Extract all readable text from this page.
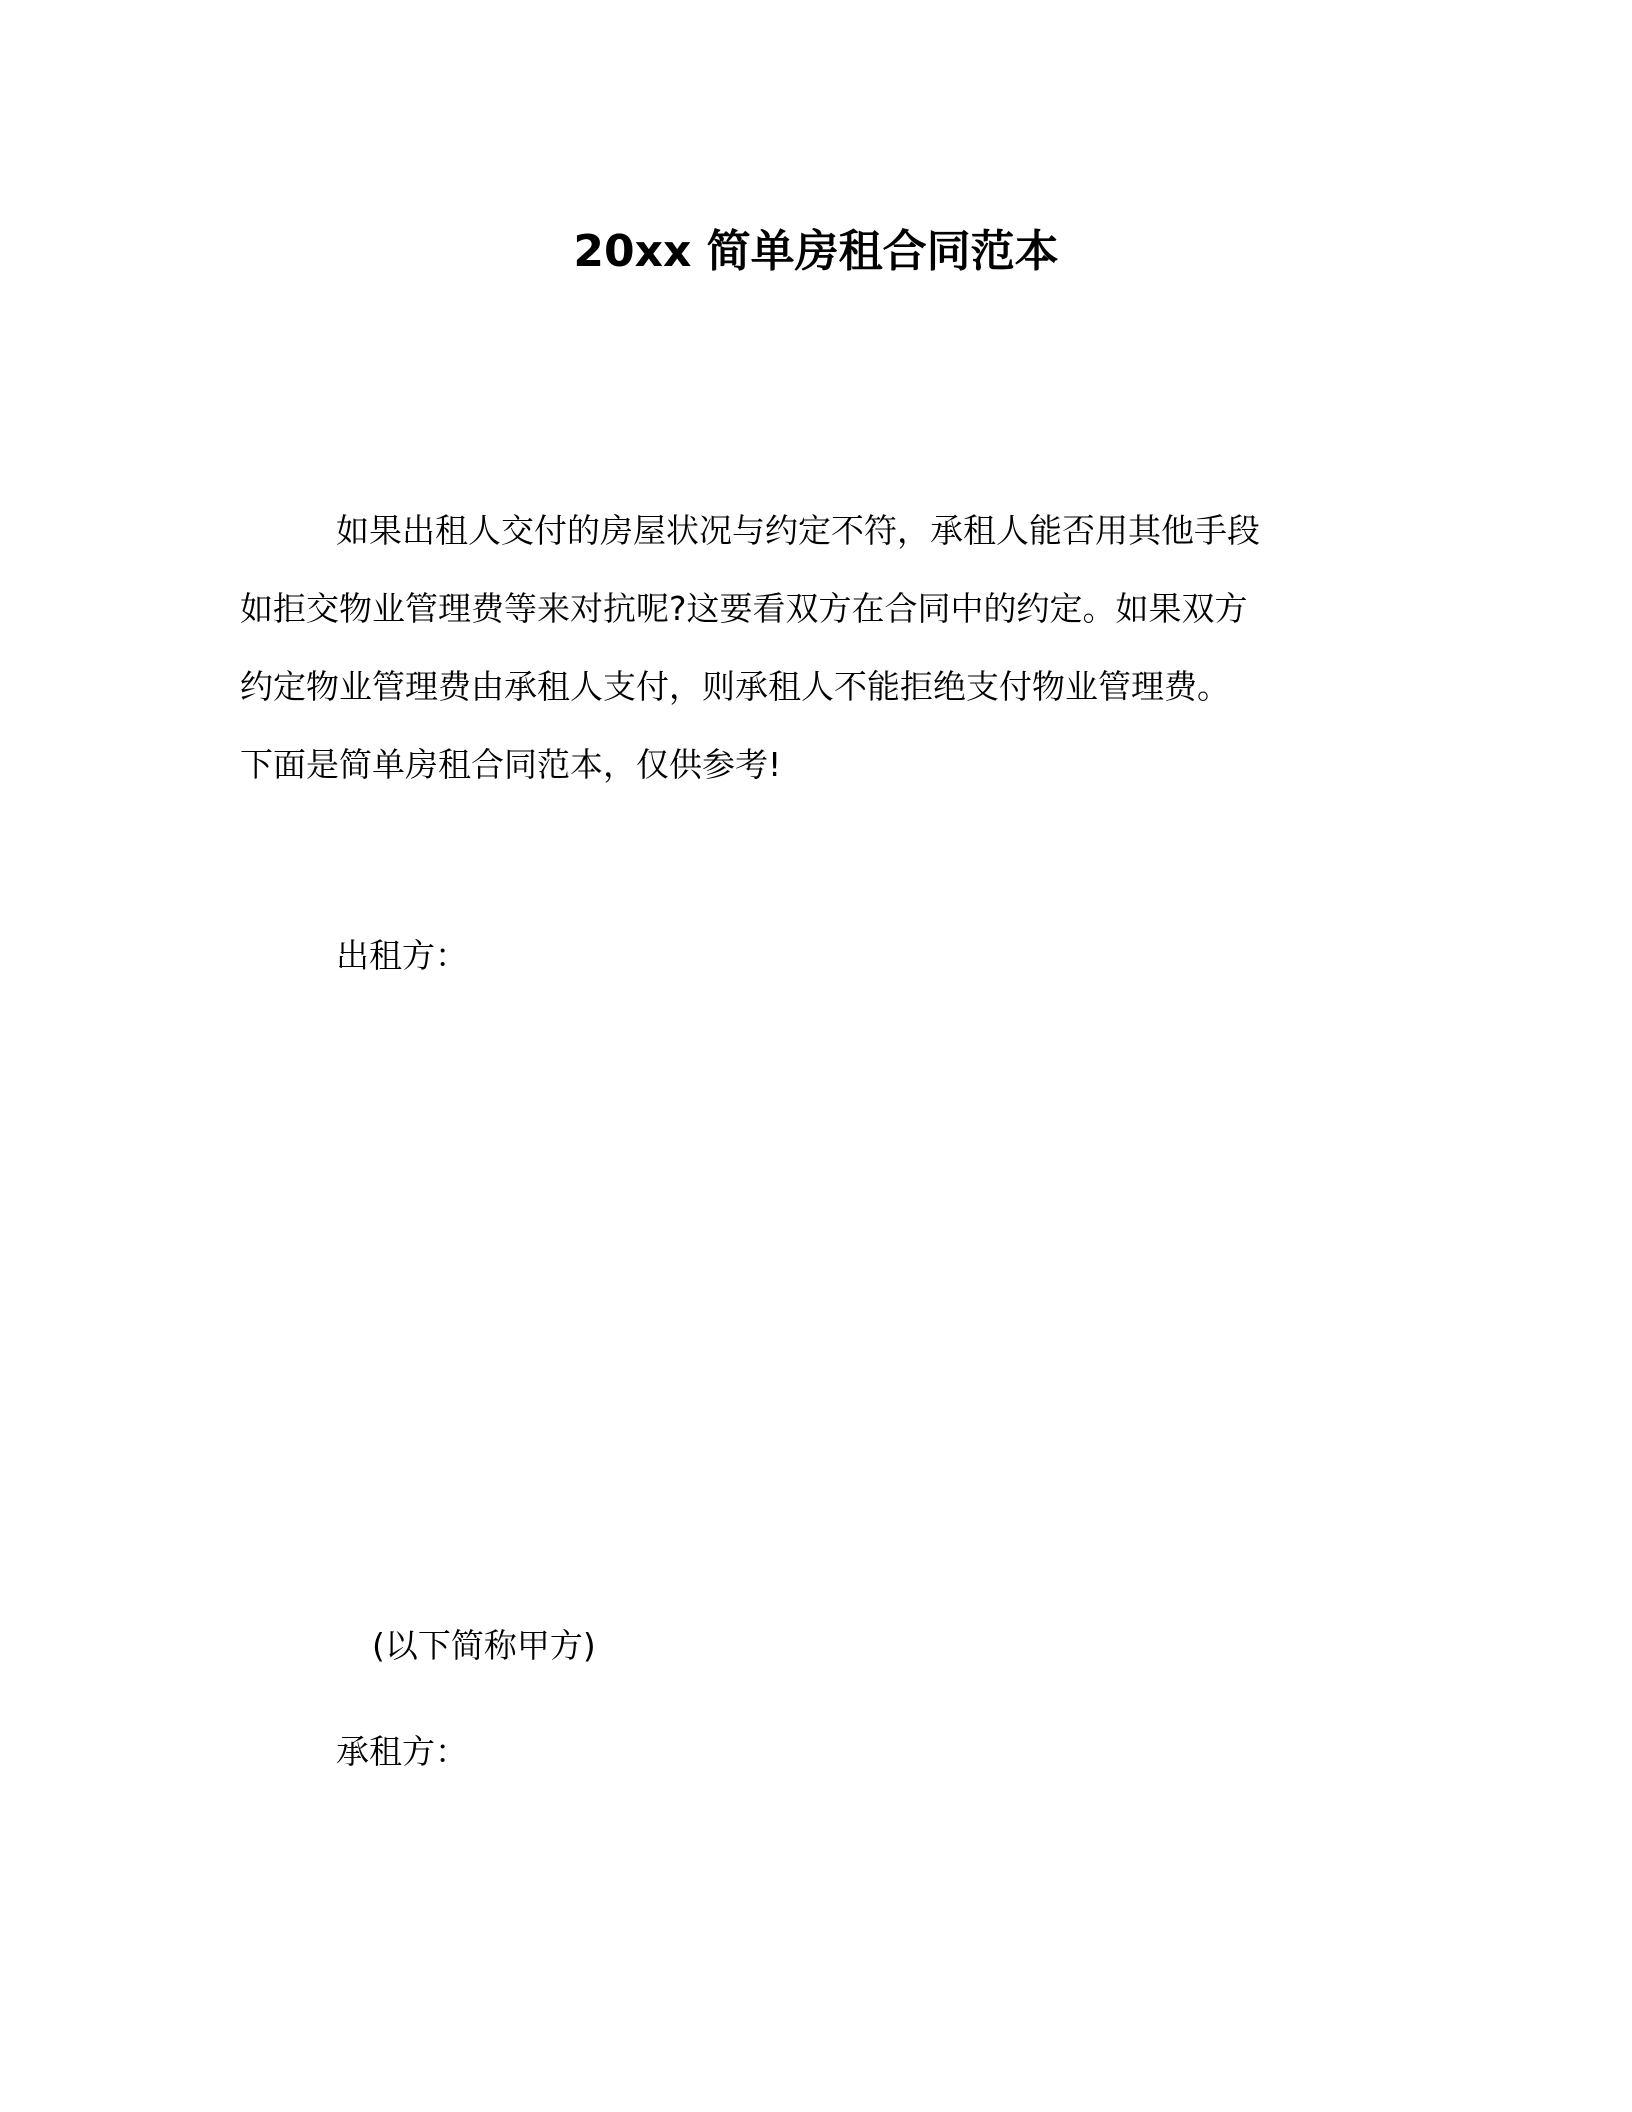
20xx 简单房租合同范本

如果出租人交付的房屋状况与约定不符，承租人能否用其他手段
如拒交物业管理费等来对抗呢?这要看双方在合同中的约定。如果双方
约定物业管理费由承租人支付，则承租人不能拒绝支付物业管理费。
下面是简单房租合同范本，仅供参考!

出租方：

(以下简称甲方)

承租方：
